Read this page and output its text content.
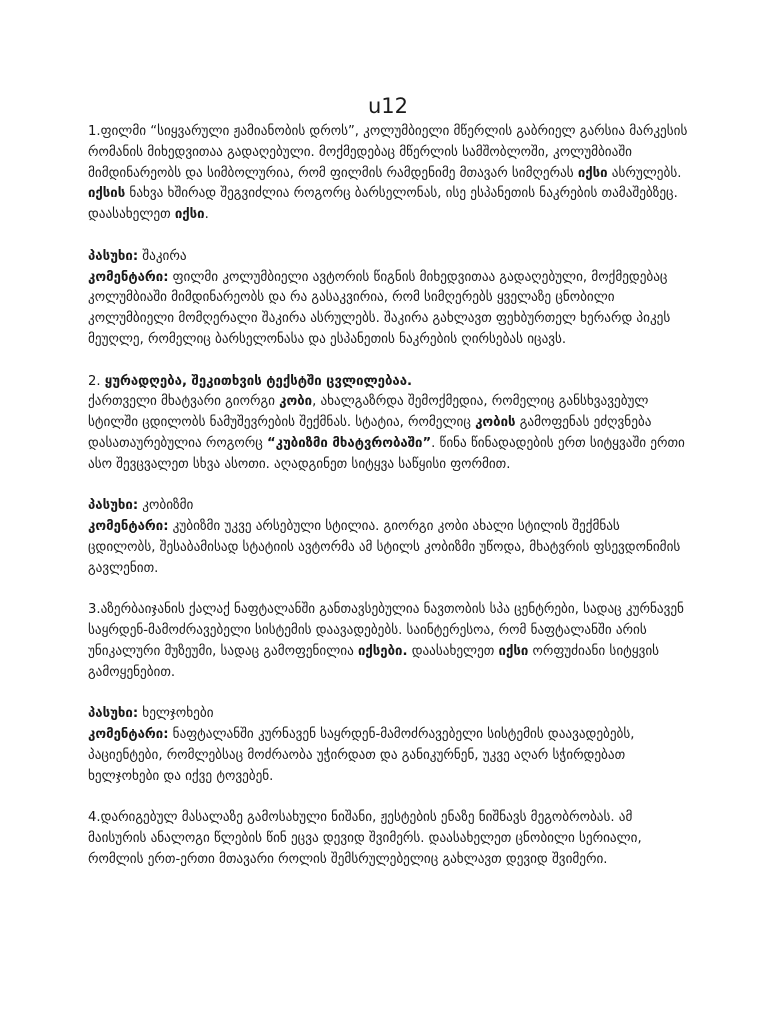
u12

1.ფილმი “სიყვარული ჟამიანობის დროს”, კოლუმბიელი მწერლის გაბრიელ გარსია მარკესის რომანის მიხედვითაა გადაღებული. მოქმედებაც მწერლის სამშობლოში, კოლუმბიაში მიმდინარეობს და სიმბოლურია, რომ ფილმის რამდენიმე მთავარ სიმღერას იქსი ასრულებს. იქსის ნახვა ხშირად შეგვიძლია როგორც ბარსელონას, ისე ესპანეთის ნაკრების თამაშებზეც. დაასახელეთ იქსი.

პასუხი: შაკირა

კომენტარი: ფილმი კოლუმბიელი ავტორის წიგნის მიხედვითაა გადაღებული, მოქმედებაც კოლუმბიაში მიმდინარეობს და რა გასაკვირია, რომ სიმღერებს ყველაზე ცნობილი კოლუმბიელი მომღერალი შაკირა ასრულებს. შაკირა გახლავთ ფეხბურთელ ხერარდ პიკეს მეუღლე, რომელიც ბარსელონასა და ესპანეთის ნაკრების ღირსებას იცავს.

2. ყურადღება, შეკითხვის ტექსტში ცვლილებაა.

ქართველი მხატვარი გიორგი კობი, ახალგაზრდა შემოქმედია, რომელიც განსხვავებულ სტილში ცდილობს ნამუშევრების შექმნას. სტატია, რომელიც კობის გამოფენას ეძღვნება დასათაურებულია როგორც “კუბიზმი მხატვრობაში”. წინა წინადადების ერთ სიტყვაში ერთი ასო შევცვალეთ სხვა ასოთი. აღადგინეთ სიტყვა საწყისი ფორმით.

პასუხი: კობიზმი

კომენტარი: კუბიზმი უკვე არსებული სტილია. გიორგი კობი ახალი სტილის შექმნას ცდილობს, შესაბამისად სტატიის ავტორმა ამ სტილს კობიზმი უწოდა, მხატვრის ფსევდონიმის გავლენით.

3.აზერბაიჯანის ქალაქ ნაფტალანში განთავსებულია ნავთობის სპა ცენტრები, სადაც კურნავენ საყრდენ-მამოძრავებელი სისტემის დაავადებებს. საინტერესოა, რომ ნაფტალანში არის უნიკალური მუზეუმი, სადაც გამოფენილია იქსები. დაასახელეთ იქსი ორფუძიანი სიტყვის გამოყენებით.

პასუხი: ხელჯოხები

კომენტარი: ნაფტალანში კურნავენ საყრდენ-მამოძრავებელი სისტემის დაავადებებს, პაციენტები, რომლებსაც მოძრაობა უჭირდათ და განიკურნენ, უკვე აღარ სჭირდებათ ხელჯოხები და იქვე ტოვებენ.

4.დარიგებულ მასალაზე გამოსახული ნიშანი, ჟესტების ენაზე ნიშნავს მეგობრობას. ამ მაისურის ანალოგი წლების წინ ეცვა დევიდ შვიმერს. დაასახელეთ ცნობილი სერიალი, რომლის ერთ-ერთი მთავარი როლის შემსრულებელიც გახლავთ დევიდ შვიმერი.
